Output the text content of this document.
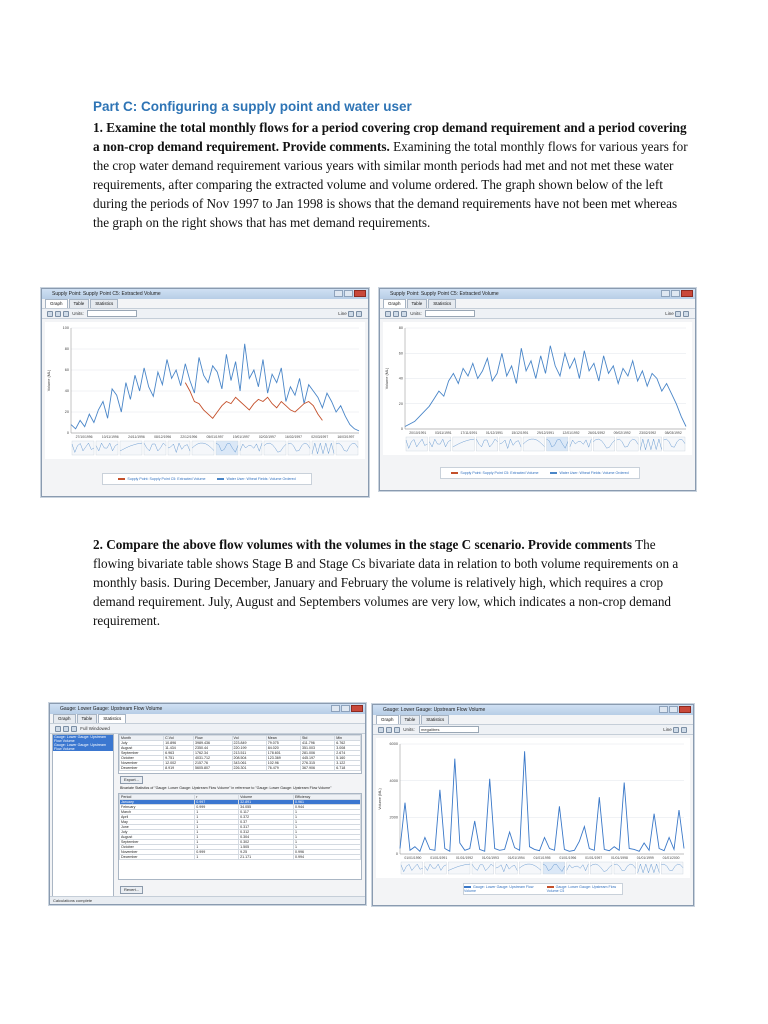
Part C: Configuring a supply point and water user
1. Examine the total monthly flows for a period covering crop demand requirement and a period covering a non-crop demand requirement. Provide comments. Examining the total monthly flows for various years for the crop water demand requirement various years with similar month periods had met and not met these water requirements, after comparing the extracted volume and volume ordered. The graph shown below of the left during the periods of Nov 1997 to Jan 1998 is shows that the demand requirements have not been met whereas the graph on the right shows that has met demand requirements.
2. Compare the above flow volumes with the volumes in the stage C scenario. Provide comments The flowing bivariate table shows Stage B and Stage Cs bivariate data in relation to both volume requirements on a monthly basis. During December, January and February the volume is relatively high, which requires a crop demand requirement. July, August and Septembers volumes are very low, which indicates a non-crop demand requirement.
Supply Point: Supply Point C5: Extracted Volume
Graph	Table	Statistics
Units:	Line
0
20
40
60
80
100
Volume (ML)
27/10/1996	10/11/1996	24/11/1996	08/12/1996	22/12/1996	05/01/1997	19/01/1997	02/02/1997	16/02/1997	02/03/1997	16/03/1997
Supply Point: Supply Point C5: Extracted Volume	Water User: Wheat Fields: Volume Ordered
Supply Point: Supply Point C5: Extracted Volume
Graph	Table	Statistics
Units:	Line
0
20
40
60
80
Volume (ML)
20/10/1991	03/11/1991	17/11/1991	01/12/1991	15/12/1991	29/12/1991	12/01/1992	26/01/1992	09/02/1992	23/02/1992	08/03/1992
Supply Point: Supply Point C5: Extracted Volume	Water User: Wheat Fields: Volume Ordered
Gauge: Lower Gauge: Upstream Flow Volume
Graph	Table	Statistics
Full Windowed
Gauge: Lower Gauge: Upstream Flow Volume
Gauge: Lower Gauge: Upstream Flow Volume
Month	C.Vol	Flow	Vol	Mean	Std	Min
July	10.896	3989.436	223.849	79.075	411.796	6.762
August	11.434	2350.44	220.199	84.020	351.003	3.008
September	6.963	1762.34	213.511	178.601	281.006	2.674
October	9.751	4031.712	208.504	123.369	445.197	5.160
November	12.002	2157.76	343.061	102.96	276.315	3.122
December	8.919	5605.807	226.301	76.479	367.906	6.718
Export...
Bivariate Statistics of "Gauge: Lower Gauge: Upstream Flow Volume" in reference to "Gauge: Lower Gauge: Upstream Flow Volume"
Period	r	Volume	Efficiency
January	0.997	32.891	0.961
February	0.999	34.055	0.944
March	1	0.117	1
April	1	0.372	1
May	1	0.37	1
June	1	0.317	1
July	1	0.312	1
August	1	0.304	1
September	1	0.302	1
October	1	1.505	1
November	0.999	9.25	0.996
December	1	21.171	0.994
Revert...
Calculations complete
Gauge: Lower Gauge: Upstream Flow Volume
Graph	Table	Statistics
Units: megalitres	Line
0
2000
4000
6000
Volume (ML)
01/01/1990	01/01/1991	01/01/1992	01/01/1993	01/01/1994	01/01/1995	01/01/1996	01/01/1997	01/01/1998	01/01/1999	01/01/2000
Gauge: Lower Gauge: Upstream Flow Volume
Gauge: Lower Gauge: Upstream Flow Volume C5
